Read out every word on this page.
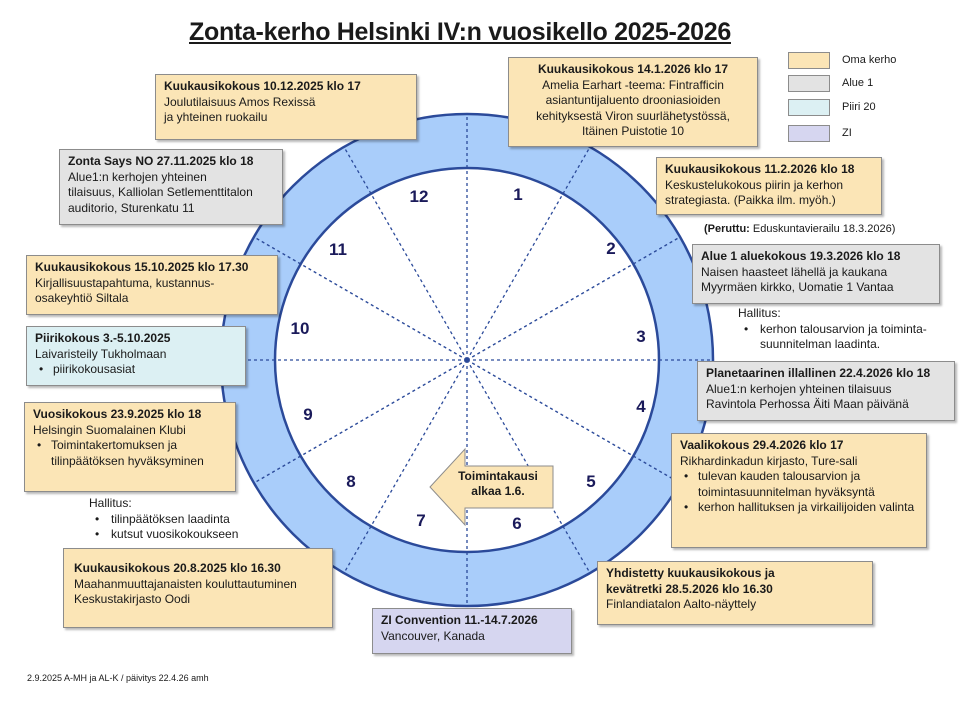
Zonta-kerho Helsinki IV:n vuosikello 2025-2026
Oma kerho
Alue 1
Piiri 20
ZI
1
2
3
4
5
6
7
8
9
10
11
12
Toimintakausi alkaa 1.6.
Kuukausikokous 10.12.2025 klo 17
Joulutilaisuus Amos Rexissä
ja yhteinen ruokailu
Kuukausikokous 14.1.2026 klo 17
Amelia Earhart -teema: Fintrafficin
asiantuntijaluento drooniasioiden
kehityksestä Viron suurlähetystössä,
Itäinen Puistotie 10
Zonta Says NO 27.11.2025 klo 18
Alue1:n kerhojen yhteinen
tilaisuus, Kalliolan Setlementtitalon
auditorio, Sturenkatu 11
Kuukausikokous 11.2.2026 klo 18
Keskustelukokous piirin ja kerhon
strategiasta. (Paikka ilm. myöh.)
(Peruttu: Eduskuntavierailu 18.3.2026)
Kuukausikokous 15.10.2025 klo 17.30
Kirjallisuustapahtuma, kustannus-
osakeyhtiö Siltala
Alue 1 aluekokous 19.3.2026 klo 18
Naisen haasteet lähellä ja kaukana
Myyrmäen kirkko, Uomatie 1 Vantaa
Hallitus:
• kerhon talousarvion ja toiminta-suunnitelman laadinta.
Piirikokous 3.-5.10.2025
Laivaristeily Tukholmaan
• piirikokousasiat	Planetaarinen illallinen 22.4.2026 klo 18
Alue1:n kerhojen yhteinen tilaisuus
Ravintola Perhossa Äiti Maan päivänä
Vuosikokous 23.9.2025 klo 18
Helsingin Suomalainen Klubi
• Toimintakertomuksen ja tilinpäätöksen hyväksyminen
Vaalikokous 29.4.2026 klo 17
Rikhardinkadun kirjasto, Ture-sali
• tulevan kauden talousarvion ja toimintasuunnitelman hyväksyntä
• kerhon hallituksen ja virkailijoiden valinta
Hallitus:
• tilinpäätöksen laadinta
• kutsut vuosikokoukseen
Kuukausikokous 20.8.2025 klo 16.30
Maahanmuuttajanaisten kouluttautuminen
Keskustakirjasto Oodi
Yhdistetty kuukausikokous ja kevätretki 28.5.2026 klo 16.30
Finlandiatalon Aalto-näyttely
ZI Convention 11.-14.7.2026
Vancouver, Kanada
2.9.2025 A-MH ja AL-K / päivitys 22.4.26 amh
